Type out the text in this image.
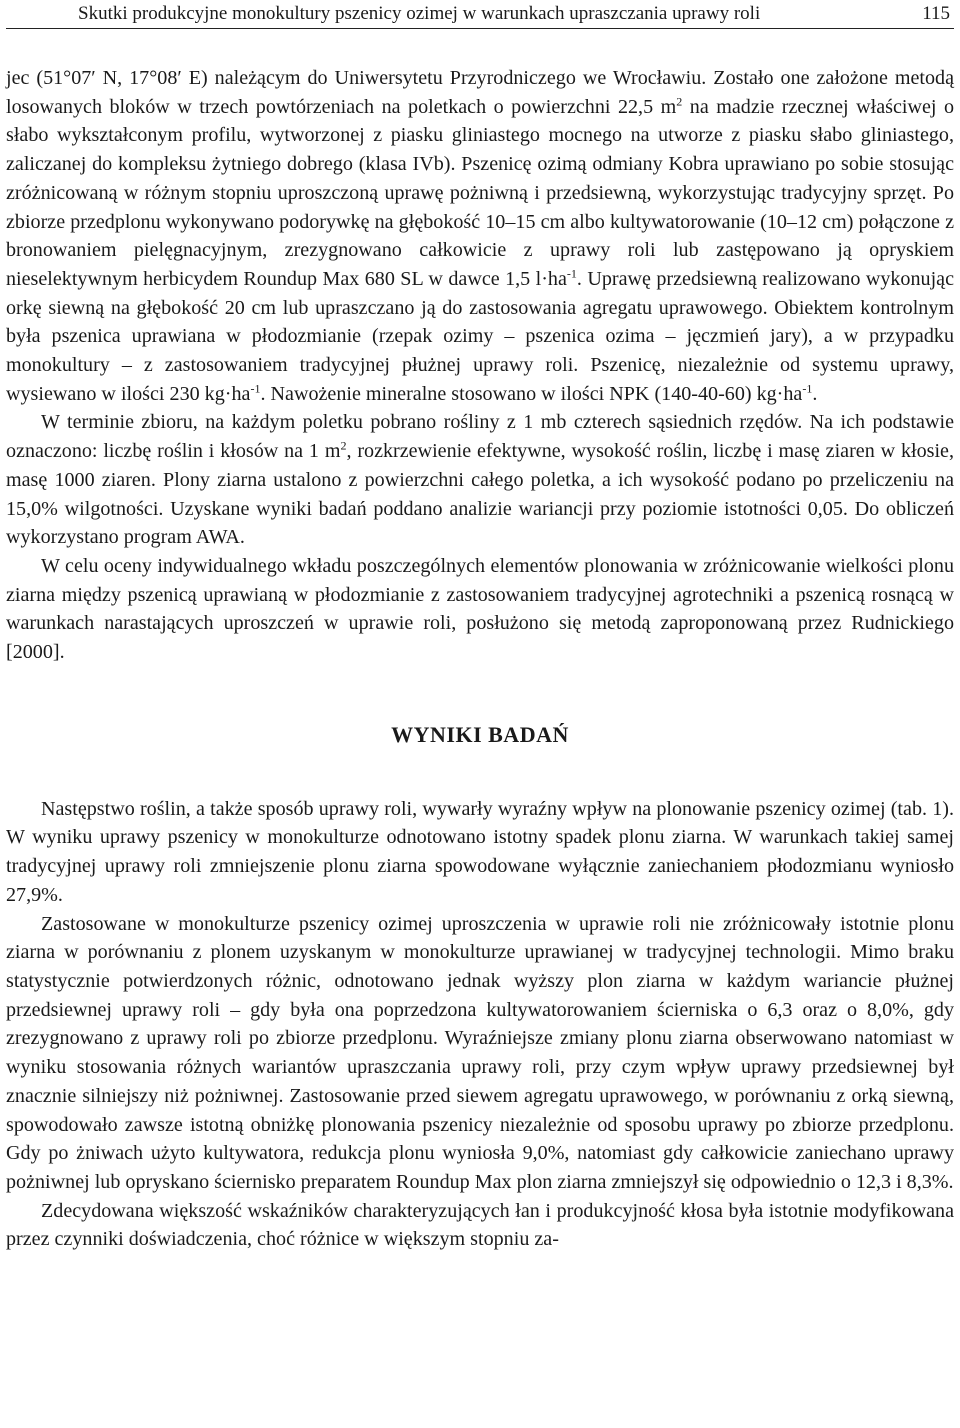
Skutki produkcyjne monokultury pszenicy ozimej w warunkach upraszczania uprawy roli	115

jec (51°07′ N, 17°08′ E) należącym do Uniwersytetu Przyrodniczego we Wrocławiu. Zostało one założone metodą losowanych bloków w trzech powtórzeniach na poletkach o powierzchni 22,5 $m^2$ na madzie rzecznej właściwej o słabo wykształconym profilu, wytworzonej z piasku gliniastego mocnego na utworze z piasku słabo gliniastego, zaliczanej do kompleksu żytniego dobrego (klasa IVb). Pszenicę ozimą odmiany Kobra uprawiano po sobie stosując zróżnicowaną w różnym stopniu uproszczoną uprawę pożniwną i przedsiewną, wykorzystując tradycyjny sprzęt. Po zbiorze przedplonu wykonywano podorywkę na głębokość 10–15 cm albo kultywatorowanie (10–12 cm) połączone z bronowaniem pielęgnacyjnym, zrezygnowano całkowicie z uprawy roli lub zastępowano ją opryskiem nieselektywnym herbicydem Roundup Max 680 SL w dawce 1,5 $l\cdot ha^{-1}$. Uprawę przedsiewną realizowano wykonując orkę siewną na głębokość 20 cm lub upraszczano ją do zastosowania agregatu uprawowego. Obiektem kontrolnym była pszenica uprawiana w płodozmianie (rzepak ozimy – pszenica ozima – jęczmień jary), a w przypadku monokultury – z zastosowaniem tradycyjnej płużnej uprawy roli. Pszenicę, niezależnie od systemu uprawy, wysiewano w ilości 230 $kg\cdot ha^{-1}$. Nawożenie mineralne stosowano w ilości NPK (140-40-60) $kg\cdot ha^{-1}$.

W terminie zbioru, na każdym poletku pobrano rośliny z 1 mb czterech sąsiednich rzędów. Na ich podstawie oznaczono: liczbę roślin i kłosów na 1 $m^2$, rozkrzewienie efektywne, wysokość roślin, liczbę i masę ziaren w kłosie, masę 1000 ziaren. Plony ziarna ustalono z powierzchni całego poletka, a ich wysokość podano po przeliczeniu na 15,0% wilgotności. Uzyskane wyniki badań poddano analizie wariancji przy poziomie istotności 0,05. Do obliczeń wykorzystano program AWA.

W celu oceny indywidualnego wkładu poszczególnych elementów plonowania w zróżnicowanie wielkości plonu ziarna między pszenicą uprawianą w płodozmianie z zastosowaniem tradycyjnej agrotechniki a pszenicą rosnącą w warunkach narastających uproszczeń w uprawie roli, posłużono się metodą zaproponowaną przez Rudnickiego [2000].

WYNIKI BADAŃ

Następstwo roślin, a także sposób uprawy roli, wywarły wyraźny wpływ na plonowanie pszenicy ozimej (tab. 1). W wyniku uprawy pszenicy w monokulturze odnotowano istotny spadek plonu ziarna. W warunkach takiej samej tradycyjnej uprawy roli zmniejszenie plonu ziarna spowodowane wyłącznie zaniechaniem płodozmianu wyniosło 27,9%.

Zastosowane w monokulturze pszenicy ozimej uproszczenia w uprawie roli nie zróżnicowały istotnie plonu ziarna w porównaniu z plonem uzyskanym w monokulturze uprawianej w tradycyjnej technologii. Mimo braku statystycznie potwierdzonych różnic, odnotowano jednak wyższy plon ziarna w każdym wariancie płużnej przedsiewnej uprawy roli – gdy była ona poprzedzona kultywatorowaniem ścierniska o 6,3 oraz o 8,0%, gdy zrezygnowano z uprawy roli po zbiorze przedplonu. Wyraźniejsze zmiany plonu ziarna obserwowano natomiast w wyniku stosowania różnych wariantów upraszczania uprawy roli, przy czym wpływ uprawy przedsiewnej był znacznie silniejszy niż pożniwnej. Zastosowanie przed siewem agregatu uprawowego, w porównaniu z orką siewną, spowodowało zawsze istotną obniżkę plonowania pszenicy niezależnie od sposobu uprawy po zbiorze przedplonu. Gdy po żniwach użyto kultywatora, redukcja plonu wyniosła 9,0%, natomiast gdy całkowicie zaniechano uprawy pożniwnej lub opryskano ściernisko preparatem Roundup Max plon ziarna zmniejszył się odpowiednio o 12,3 i 8,3%.

Zdecydowana większość wskaźników charakteryzujących łan i produkcyjność kłosa była istotnie modyfikowana przez czynniki doświadczenia, choć różnice w większym stopniu za-
